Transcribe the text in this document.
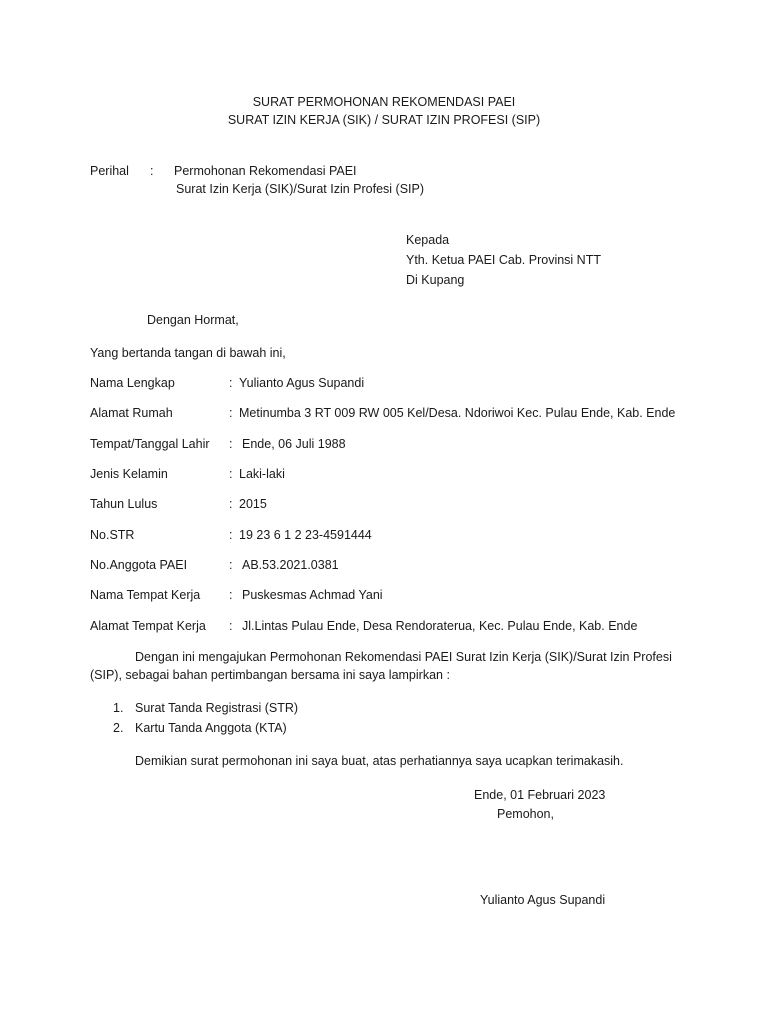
SURAT PERMOHONAN REKOMENDASI PAEI
SURAT IZIN KERJA (SIK) / SURAT IZIN PROFESI (SIP)
Perihal : Permohonan Rekomendasi PAEI
Surat Izin Kerja (SIK)/Surat Izin Profesi (SIP)
Kepada
Yth. Ketua PAEI Cab. Provinsi NTT
Di Kupang
Dengan Hormat,
Yang bertanda tangan di bawah ini,
Nama Lengkap	: Yulianto Agus Supandi
Alamat Rumah	: Metinumba 3 RT 009 RW 005 Kel/Desa. Ndoriwoi Kec. Pulau Ende, Kab. Ende
Tempat/Tanggal Lahir : Ende, 06 Juli 1988
Jenis Kelamin	: Laki-laki
Tahun Lulus	: 2015
No.STR	: 19 23 6 1 2 23-4591444
No.Anggota PAEI	: AB.53.2021.0381
Nama Tempat Kerja : Puskesmas Achmad Yani
Alamat Tempat Kerja : Jl.Lintas Pulau Ende, Desa Rendoraterua, Kec. Pulau Ende, Kab. Ende
Dengan ini mengajukan Permohonan Rekomendasi PAEI Surat Izin Kerja (SIK)/Surat Izin Profesi
(SIP), sebagai bahan pertimbangan bersama ini saya lampirkan :
1. Surat Tanda Registrasi (STR)
2. Kartu Tanda Anggota (KTA)
Demikian surat permohonan ini saya buat, atas perhatiannya saya ucapkan terimakasih.
Ende, 01 Februari 2023
Pemohon,
Yulianto Agus Supandi
